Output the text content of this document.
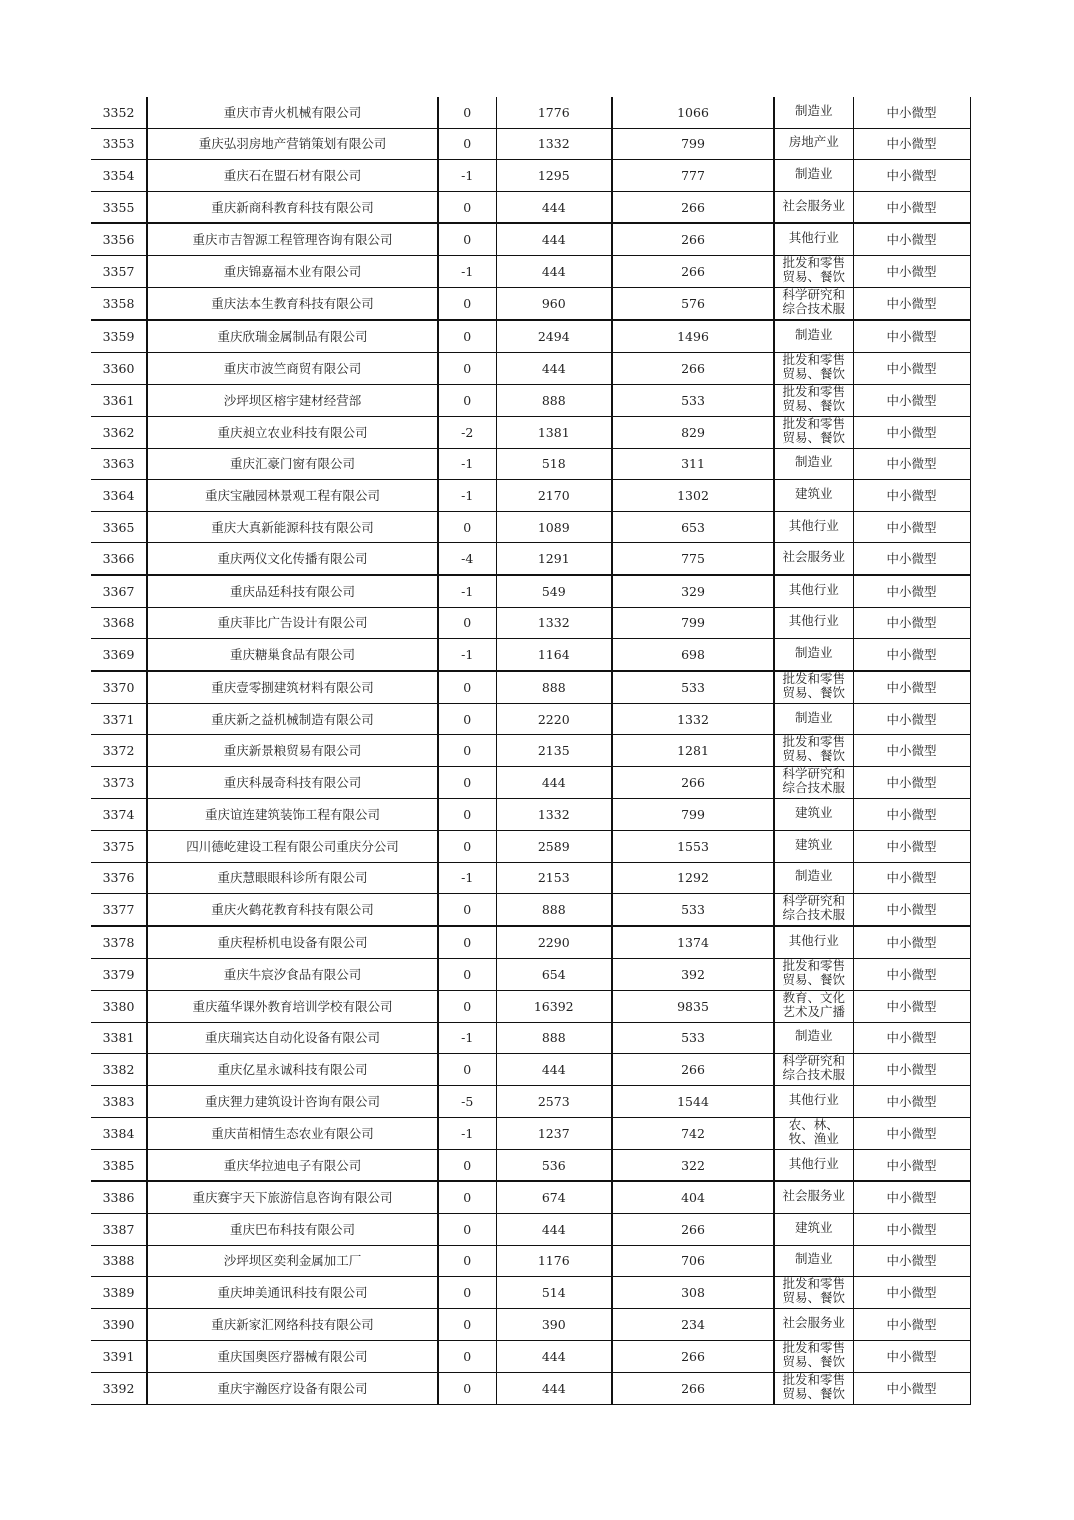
3352	重庆市青火机械有限公司	0	1776	1066	制造业	中小微型
3353	重庆弘羽房地产营销策划有限公司	0	1332	799	房地产业	中小微型
3354	重庆石在盟石材有限公司	-1	1295	777	制造业	中小微型
3355	重庆新商科教育科技有限公司	0	444	266	社会服务业	中小微型
3356	重庆市吉智源工程管理咨询有限公司	0	444	266	其他行业	中小微型
3357	重庆锦嘉福木业有限公司	-1	444	266	批发和零售贸易、餐饮	中小微型
3358	重庆法本生教育科技有限公司	0	960	576	科学研究和综合技术服	中小微型
3359	重庆欣瑞金属制品有限公司	0	2494	1496	制造业	中小微型
3360	重庆市波竺商贸有限公司	0	444	266	批发和零售贸易、餐饮	中小微型
3361	沙坪坝区榕宇建材经营部	0	888	533	批发和零售贸易、餐饮	中小微型
3362	重庆昶立农业科技有限公司	-2	1381	829	批发和零售贸易、餐饮	中小微型
3363	重庆汇豪门窗有限公司	-1	518	311	制造业	中小微型
3364	重庆宝融园林景观工程有限公司	-1	2170	1302	建筑业	中小微型
3365	重庆大真新能源科技有限公司	0	1089	653	其他行业	中小微型
3366	重庆两仪文化传播有限公司	-4	1291	775	社会服务业	中小微型
3367	重庆品廷科技有限公司	-1	549	329	其他行业	中小微型
3368	重庆菲比广告设计有限公司	0	1332	799	其他行业	中小微型
3369	重庆糖巢食品有限公司	-1	1164	698	制造业	中小微型
3370	重庆壹零捌建筑材料有限公司	0	888	533	批发和零售贸易、餐饮	中小微型
3371	重庆新之益机械制造有限公司	0	2220	1332	制造业	中小微型
3372	重庆新景粮贸易有限公司	0	2135	1281	批发和零售贸易、餐饮	中小微型
3373	重庆科晟奇科技有限公司	0	444	266	科学研究和综合技术服	中小微型
3374	重庆谊连建筑装饰工程有限公司	0	1332	799	建筑业	中小微型
3375	四川德屹建设工程有限公司重庆分公司	0	2589	1553	建筑业	中小微型
3376	重庆慧眼眼科诊所有限公司	-1	2153	1292	制造业	中小微型
3377	重庆火鹤花教育科技有限公司	0	888	533	科学研究和综合技术服	中小微型
3378	重庆程桥机电设备有限公司	0	2290	1374	其他行业	中小微型
3379	重庆牛宸汐食品有限公司	0	654	392	批发和零售贸易、餐饮	中小微型
3380	重庆蕴华课外教育培训学校有限公司	0	16392	9835	教育、文化艺术及广播	中小微型
3381	重庆瑞宾达自动化设备有限公司	-1	888	533	制造业	中小微型
3382	重庆亿星永诚科技有限公司	0	444	266	科学研究和综合技术服	中小微型
3383	重庆狸力建筑设计咨询有限公司	-5	2573	1544	其他行业	中小微型
3384	重庆苗相情生态农业有限公司	-1	1237	742	农、林、牧、渔业	中小微型
3385	重庆华拉迪电子有限公司	0	536	322	其他行业	中小微型
3386	重庆赛宇天下旅游信息咨询有限公司	0	674	404	社会服务业	中小微型
3387	重庆巴布科技有限公司	0	444	266	建筑业	中小微型
3388	沙坪坝区奕利金属加工厂	0	1176	706	制造业	中小微型
3389	重庆坤美通讯科技有限公司	0	514	308	批发和零售贸易、餐饮	中小微型
3390	重庆新家汇网络科技有限公司	0	390	234	社会服务业	中小微型
3391	重庆国奥医疗器械有限公司	0	444	266	批发和零售贸易、餐饮	中小微型
3392	重庆宇瀚医疗设备有限公司	0	444	266	批发和零售贸易、餐饮	中小微型
